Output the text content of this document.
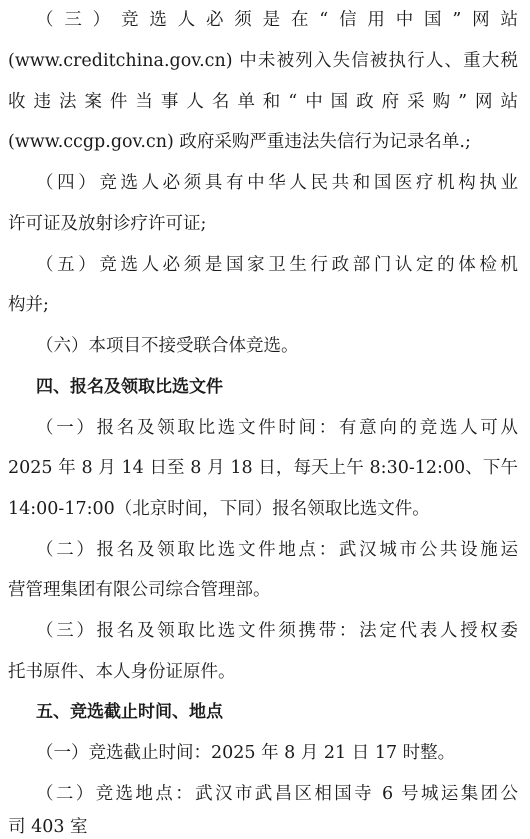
（三）竞选人必须是在“信用中国”网站
(www.creditchina.gov.cn) 中未被列入失信被执行人、重大税
收违法案件当事人名单和“中国政府采购”网站
(www.ccgp.gov.cn) 政府采购严重违法失信行为记录名单.;
（四）竞选人必须具有中华人民共和国医疗机构执业
许可证及放射诊疗许可证;
（五）竞选人必须是国家卫生行政部门认定的体检机
构并;
（六）本项目不接受联合体竞选。
四、报名及领取比选文件
（一）报名及领取比选文件时间：有意向的竞选人可从
2025 年 8 月 14 日至 8 月 18 日，每天上午 8:30-12:00、下午
14:00-17:00（北京时间，下同）报名领取比选文件。
（二）报名及领取比选文件地点：武汉城市公共设施运
营管理集团有限公司综合管理部。
（三）报名及领取比选文件须携带：法定代表人授权委
托书原件、本人身份证原件。
五、竞选截止时间、地点
（一）竞选截止时间：2025 年 8 月 21 日 17 时整。
（二）竞选地点：武汉市武昌区相国寺 6 号城运集团公
司 403 室
